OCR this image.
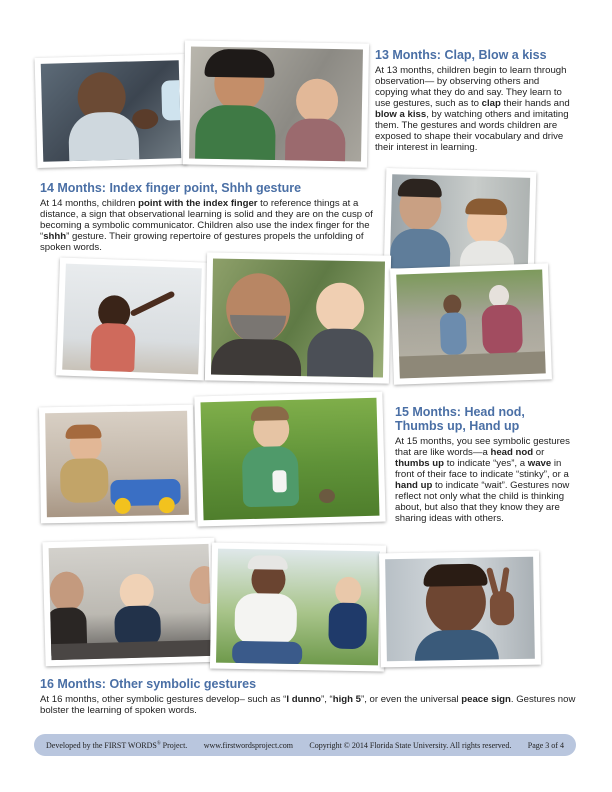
13 Months: Clap, Blow a kiss

At 13 months, children begin to learn through observation— by observing others and copying what they do and say. They learn to use gestures, such as to clap their hands and blow a kiss, by watching others and imitating them. The gestures and words children are exposed to shape their vocabulary and drive their interest in learning.

14 Months: Index finger point, Shhh gesture

At 14 months, children point with the index finger to reference things at a distance, a sign that observational learning is solid and they are on the cusp of becoming a symbolic communicator. Children also use the index finger for the “shhh” gesture. Their growing repertoire of gestures propels the unfolding of spoken words.

15 Months: Head nod, Thumbs up, Hand up

At 15 months, you see symbolic gestures that are like words—a head nod or thumbs up to indicate “yes”, a wave in front of their face to indicate “stinky”, or a hand up to indicate “wait”. Gestures now reflect not only what the child is thinking about, but also that they know they are sharing ideas with others.

16 Months: Other symbolic gestures

At 16 months, other symbolic gestures develop– such as “I dunno”, “high 5”, or even the universal peace sign. Gestures now bolster the learning of spoken words.

Developed by the FIRST WORDS® Project. www.firstwordsproject.com Copyright © 2014 Florida State University. All rights reserved. Page 3 of 4
